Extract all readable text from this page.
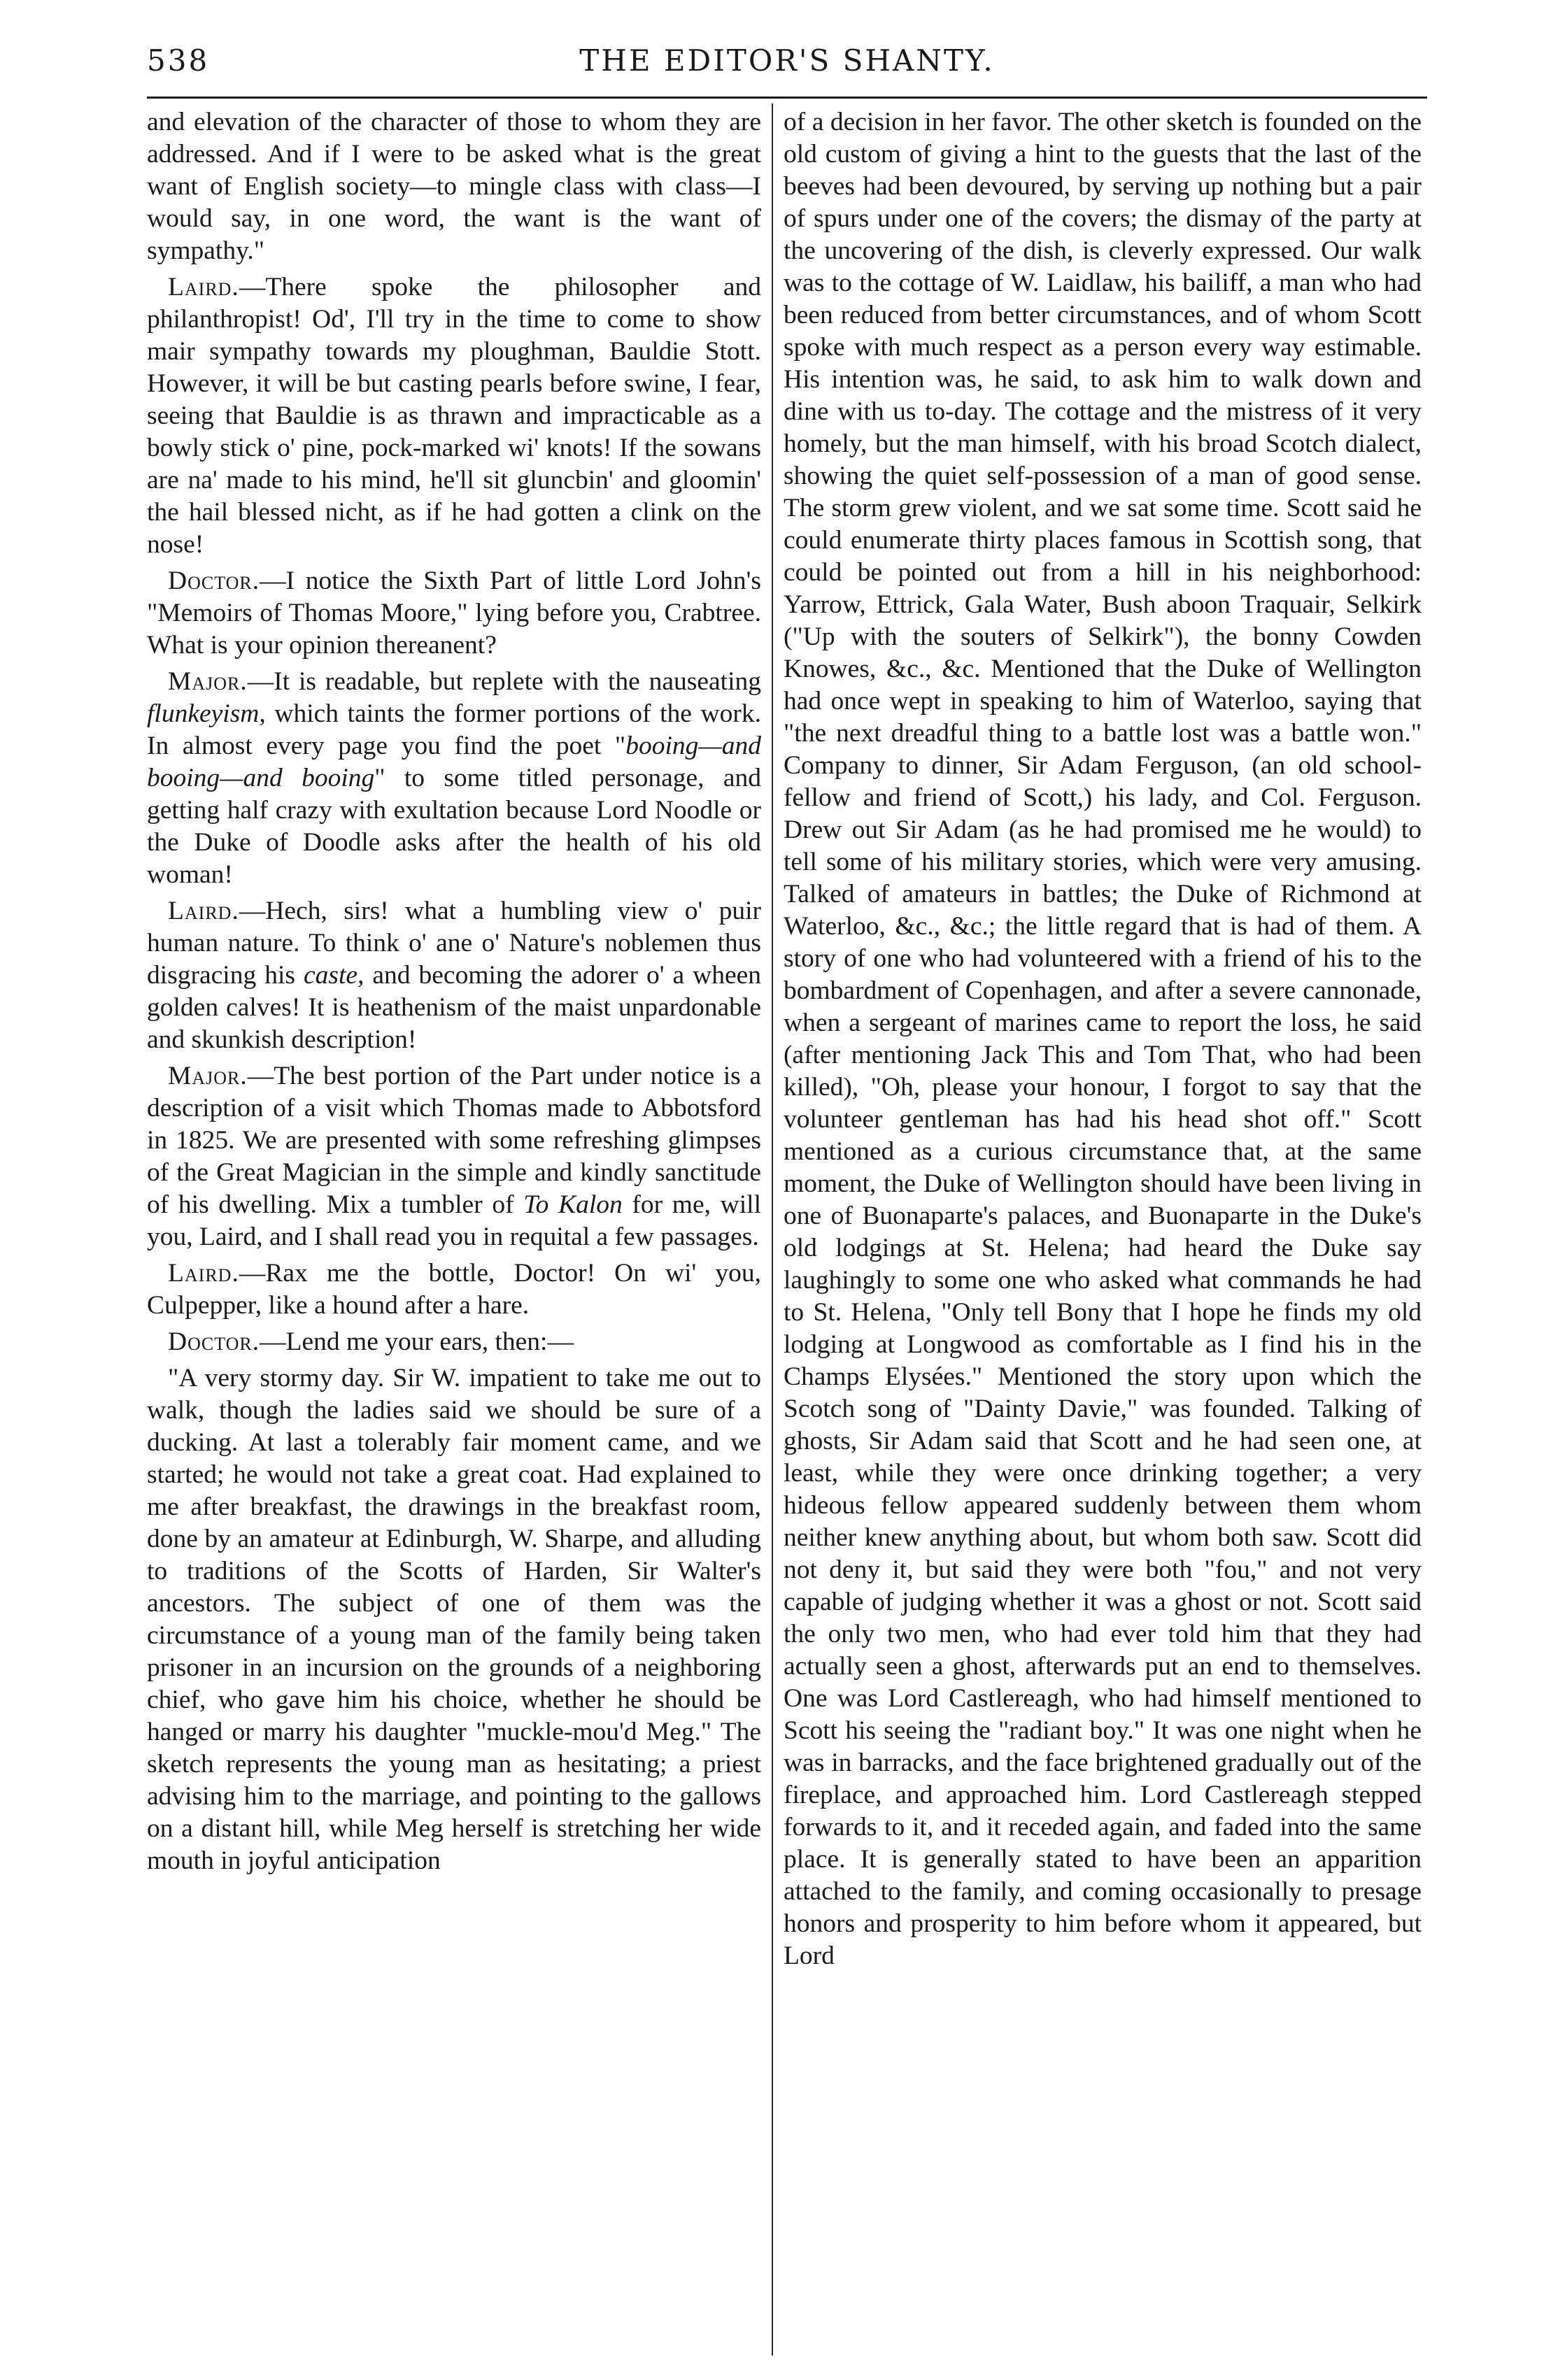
538	THE EDITOR'S SHANTY.

and elevation of the character of those to whom they are addressed. And if I were to be asked what is the great want of English society—to mingle class with class—I would say, in one word, the want is the want of sympathy."

Laird.—There spoke the philosopher and philanthropist! Od', I'll try in the time to come to show mair sympathy towards my ploughman, Bauldie Stott. However, it will be but casting pearls before swine, I fear, seeing that Bauldie is as thrawn and impracticable as a bowly stick o' pine, pock-marked wi' knots! If the sowans are na' made to his mind, he'll sit gluncbin' and gloomin' the hail blessed nicht, as if he had gotten a clink on the nose!

Doctor.—I notice the Sixth Part of little Lord John's "Memoirs of Thomas Moore," lying before you, Crabtree. What is your opinion thereanent?

Major.—It is readable, but replete with the nauseating flunkeyism, which taints the former portions of the work. In almost every page you find the poet "booing—and booing—and booing" to some titled personage, and getting half crazy with exultation because Lord Noodle or the Duke of Doodle asks after the health of his old woman!

Laird.—Hech, sirs! what a humbling view o' puir human nature. To think o' ane o' Nature's noblemen thus disgracing his caste, and becoming the adorer o' a wheen golden calves! It is heathenism of the maist unpardonable and skunkish description!

Major.—The best portion of the Part under notice is a description of a visit which Thomas made to Abbotsford in 1825. We are presented with some refreshing glimpses of the Great Magician in the simple and kindly sanctitude of his dwelling. Mix a tumbler of To Kalon for me, will you, Laird, and I shall read you in requital a few passages.

Laird.—Rax me the bottle, Doctor! On wi' you, Culpepper, like a hound after a hare.

Doctor.—Lend me your ears, then:—

"A very stormy day. Sir W. impatient to take me out to walk, though the ladies said we should be sure of a ducking. At last a tolerably fair moment came, and we started; he would not take a great coat. Had explained to me after breakfast, the drawings in the breakfast room, done by an amateur at Edinburgh, W. Sharpe, and alluding to traditions of the Scotts of Harden, Sir Walter's ancestors. The subject of one of them was the circumstance of a young man of the family being taken prisoner in an incursion on the grounds of a neighboring chief, who gave him his choice, whether he should be hanged or marry his daughter "muckle-mou'd Meg." The sketch represents the young man as hesitating; a priest advising him to the marriage, and pointing to the gallows on a distant hill, while Meg herself is stretching her wide mouth in joyful anticipation

of a decision in her favor. The other sketch is founded on the old custom of giving a hint to the guests that the last of the beeves had been devoured, by serving up nothing but a pair of spurs under one of the covers; the dismay of the party at the uncovering of the dish, is cleverly expressed. Our walk was to the cottage of W. Laidlaw, his bailiff, a man who had been reduced from better circumstances, and of whom Scott spoke with much respect as a person every way estimable. His intention was, he said, to ask him to walk down and dine with us to-day. The cottage and the mistress of it very homely, but the man himself, with his broad Scotch dialect, showing the quiet self-possession of a man of good sense. The storm grew violent, and we sat some time. Scott said he could enumerate thirty places famous in Scottish song, that could be pointed out from a hill in his neighborhood: Yarrow, Ettrick, Gala Water, Bush aboon Traquair, Selkirk ("Up with the souters of Selkirk"), the bonny Cowden Knowes, &c., &c. Mentioned that the Duke of Wellington had once wept in speaking to him of Waterloo, saying that "the next dreadful thing to a battle lost was a battle won." Company to dinner, Sir Adam Ferguson, (an old school-fellow and friend of Scott,) his lady, and Col. Ferguson. Drew out Sir Adam (as he had promised me he would) to tell some of his military stories, which were very amusing. Talked of amateurs in battles; the Duke of Richmond at Waterloo, &c., &c.; the little regard that is had of them. A story of one who had volunteered with a friend of his to the bombardment of Copenhagen, and after a severe cannonade, when a sergeant of marines came to report the loss, he said (after mentioning Jack This and Tom That, who had been killed), "Oh, please your honour, I forgot to say that the volunteer gentleman has had his head shot off." Scott mentioned as a curious circumstance that, at the same moment, the Duke of Wellington should have been living in one of Buonaparte's palaces, and Buonaparte in the Duke's old lodgings at St. Helena; had heard the Duke say laughingly to some one who asked what commands he had to St. Helena, "Only tell Bony that I hope he finds my old lodging at Longwood as comfortable as I find his in the Champs Elysées." Mentioned the story upon which the Scotch song of "Dainty Davie," was founded. Talking of ghosts, Sir Adam said that Scott and he had seen one, at least, while they were once drinking together; a very hideous fellow appeared suddenly between them whom neither knew anything about, but whom both saw. Scott did not deny it, but said they were both "fou," and not very capable of judging whether it was a ghost or not. Scott said the only two men, who had ever told him that they had actually seen a ghost, afterwards put an end to themselves. One was Lord Castlereagh, who had himself mentioned to Scott his seeing the "radiant boy." It was one night when he was in barracks, and the face brightened gradually out of the fireplace, and approached him. Lord Castlereagh stepped forwards to it, and it receded again, and faded into the same place. It is generally stated to have been an apparition attached to the family, and coming occasionally to presage honors and prosperity to him before whom it appeared, but Lord
